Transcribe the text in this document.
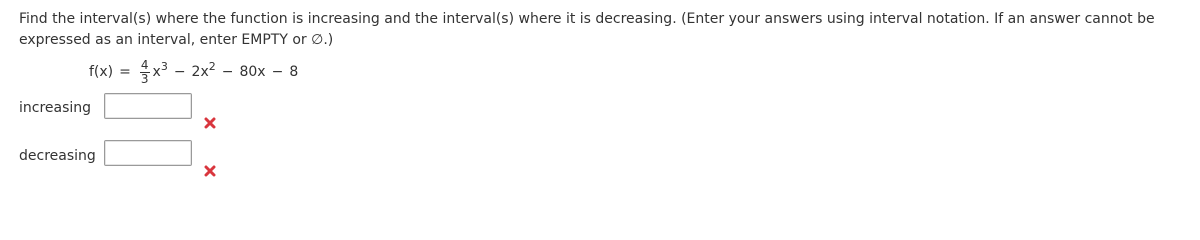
Find the interval(s) where the function is increasing and the interval(s) where it is decreasing. (Enter your answers using interval notation. If an answer cannot be expressed as an interval, enter EMPTY or ∅.)
$f(x) = \frac{4}{3} x^3 - 2x^2 - 80x - 8$
increasing
decreasing
